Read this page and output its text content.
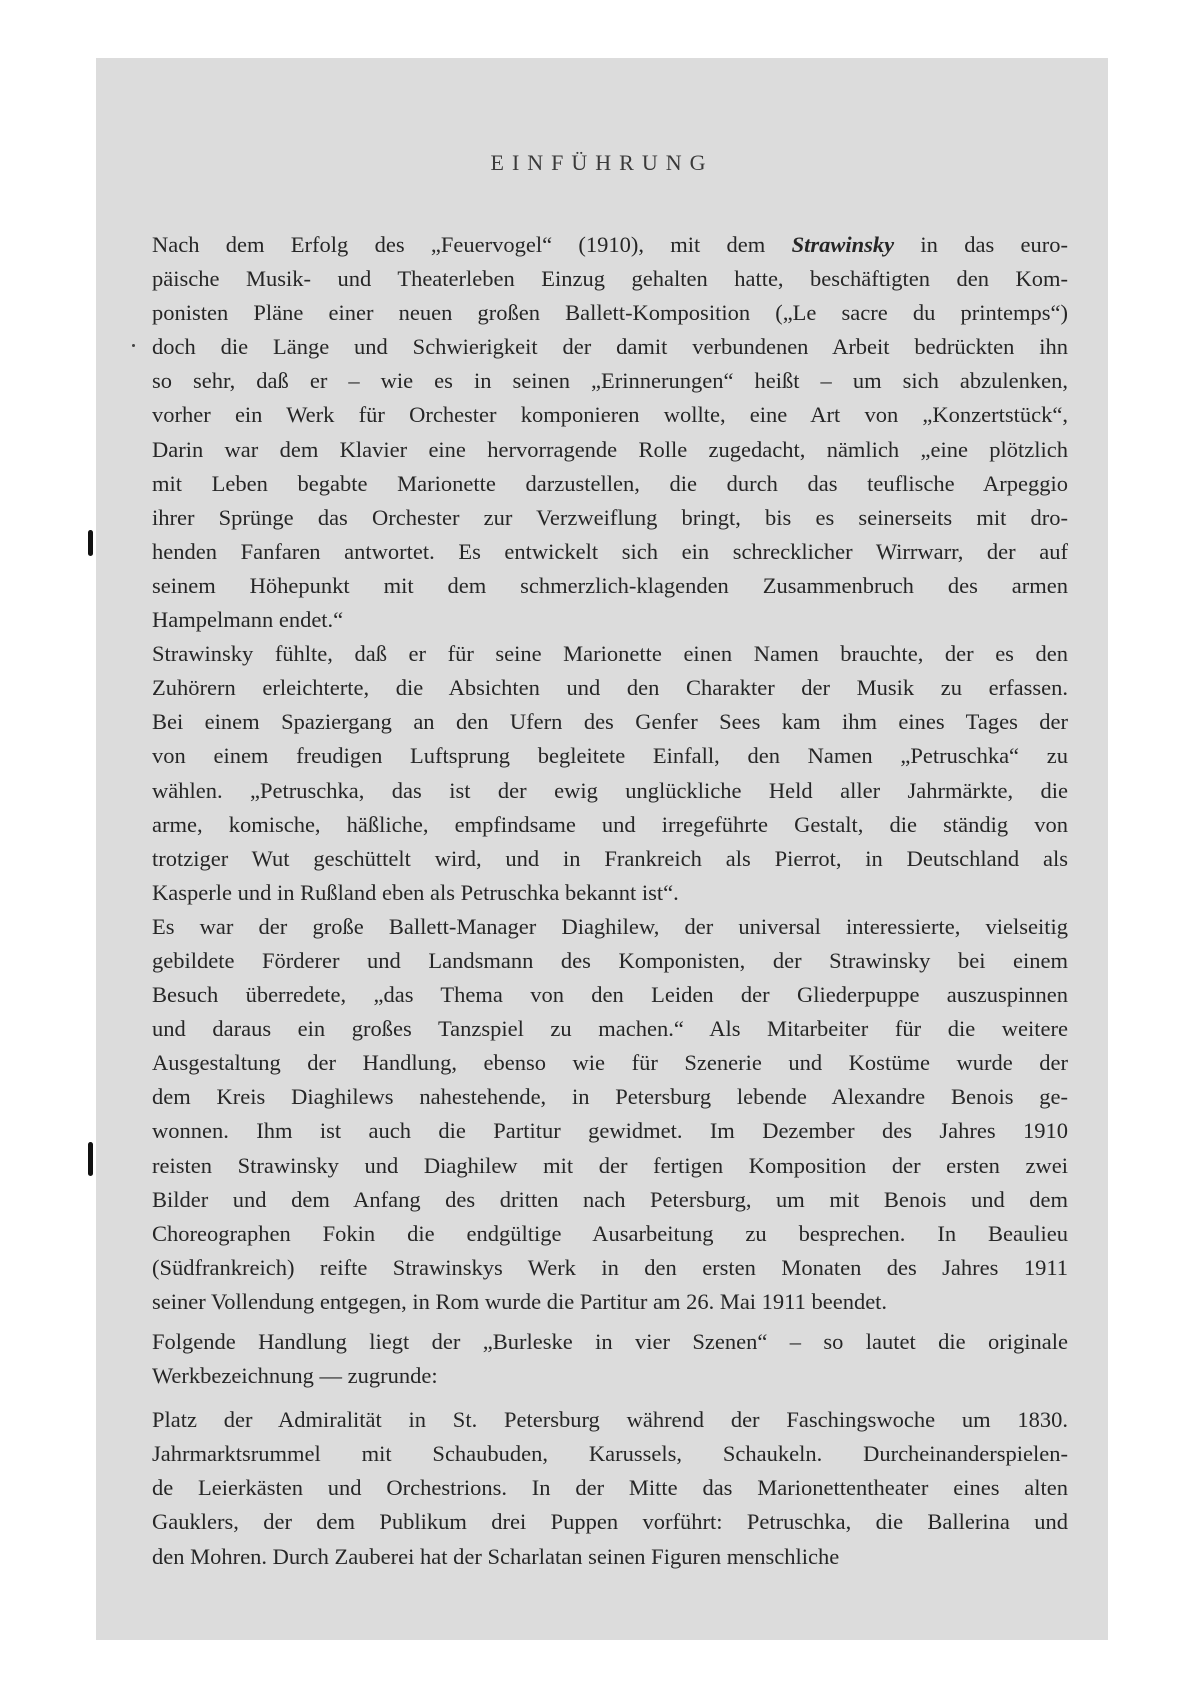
EINFÜHRUNG

Nach dem Erfolg des „Feuervogel“ (1910), mit dem Strawinsky in das euro-
päische Musik- und Theaterleben Einzug gehalten hatte, beschäftigten den Kom-
ponisten Pläne einer neuen großen Ballett-Komposition („Le sacre du printemps“)
doch die Länge und Schwierigkeit der damit verbundenen Arbeit bedrückten ihn
so sehr, daß er – wie es in seinen „Erinnerungen“ heißt – um sich abzulenken,
vorher ein Werk für Orchester komponieren wollte, eine Art von „Konzertstück“,
Darin war dem Klavier eine hervorragende Rolle zugedacht, nämlich „eine plötzlich
mit Leben begabte Marionette darzustellen, die durch das teuflische Arpeggio
ihrer Sprünge das Orchester zur Verzweiflung bringt, bis es seinerseits mit dro-
henden Fanfaren antwortet. Es entwickelt sich ein schrecklicher Wirrwarr, der auf
seinem Höhepunkt mit dem schmerzlich-klagenden Zusammenbruch des armen
Hampelmann endet.“

Strawinsky fühlte, daß er für seine Marionette einen Namen brauchte, der es den
Zuhörern erleichterte, die Absichten und den Charakter der Musik zu erfassen.
Bei einem Spaziergang an den Ufern des Genfer Sees kam ihm eines Tages der
von einem freudigen Luftsprung begleitete Einfall, den Namen „Petruschka“ zu
wählen. „Petruschka, das ist der ewig unglückliche Held aller Jahrmärkte, die
arme, komische, häßliche, empfindsame und irregeführte Gestalt, die ständig von
trotziger Wut geschüttelt wird, und in Frankreich als Pierrot, in Deutschland als
Kasperle und in Rußland eben als Petruschka bekannt ist“.

Es war der große Ballett-Manager Diaghilew, der universal interessierte, vielseitig
gebildete Förderer und Landsmann des Komponisten, der Strawinsky bei einem
Besuch überredete, „das Thema von den Leiden der Gliederpuppe auszuspinnen
und daraus ein großes Tanzspiel zu machen.“ Als Mitarbeiter für die weitere
Ausgestaltung der Handlung, ebenso wie für Szenerie und Kostüme wurde der
dem Kreis Diaghilews nahestehende, in Petersburg lebende Alexandre Benois ge-
wonnen. Ihm ist auch die Partitur gewidmet. Im Dezember des Jahres 1910
reisten Strawinsky und Diaghilew mit der fertigen Komposition der ersten zwei
Bilder und dem Anfang des dritten nach Petersburg, um mit Benois und dem
Choreographen Fokin die endgültige Ausarbeitung zu besprechen. In Beaulieu
(Südfrankreich) reifte Strawinskys Werk in den ersten Monaten des Jahres 1911
seiner Vollendung entgegen, in Rom wurde die Partitur am 26. Mai 1911 beendet.

Folgende Handlung liegt der „Burleske in vier Szenen“ – so lautet die originale
Werkbezeichnung — zugrunde:

Platz der Admiralität in St. Petersburg während der Faschingswoche um 1830.
Jahrmarktsrummel mit Schaubuden, Karussels, Schaukeln. Durcheinanderspielen-
de Leierkästen und Orchestrions. In der Mitte das Marionettentheater eines alten
Gauklers, der dem Publikum drei Puppen vorführt: Petruschka, die Ballerina und
den Mohren. Durch Zauberei hat der Scharlatan seinen Figuren menschliche
